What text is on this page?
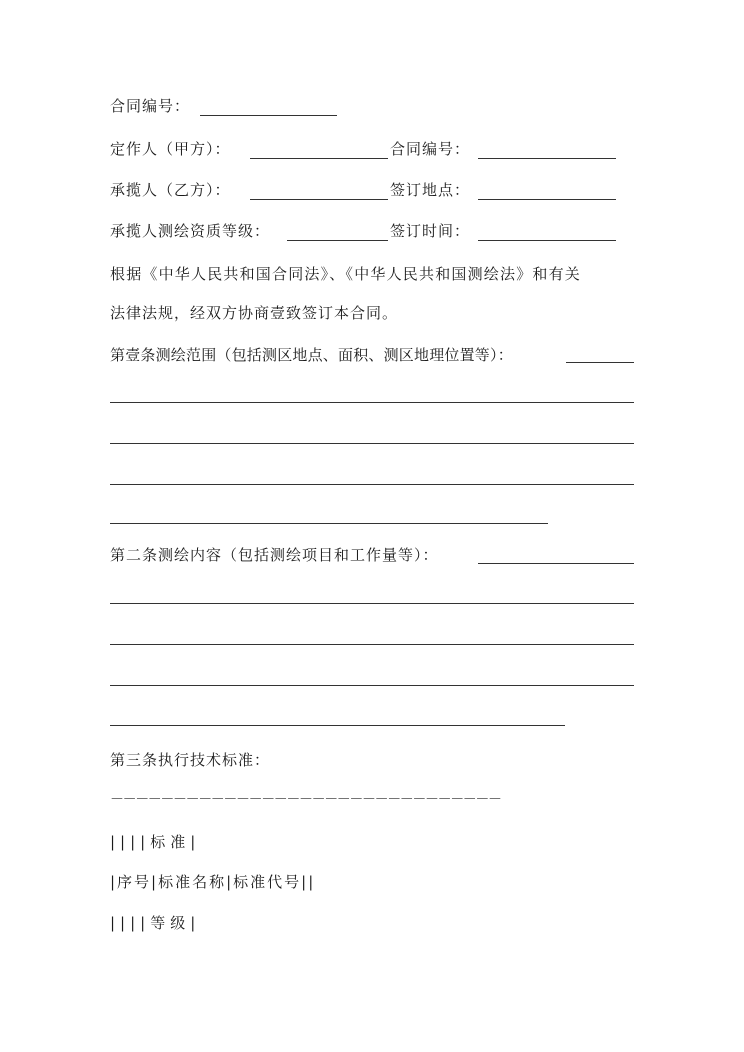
合同编号：
定作人（甲方）：	合同编号：
承揽人（乙方）：	签订地点：
承揽人测绘资质等级：	签订时间：
根据《中华人民共和国合同法》、《中华人民共和国测绘法》和有关
法律法规，经双方协商壹致签订本合同。
第壹条测绘范围（包括测区地点、面积、测区地理位置等）：
第二条测绘内容（包括测绘项目和工作量等）：
第三条执行技术标准：
－－－－－－－－－－－－－－－－－－－－－－－－－－－－－－－
||||标准|
|序号|标准名称|标准代号||
||||等级|
